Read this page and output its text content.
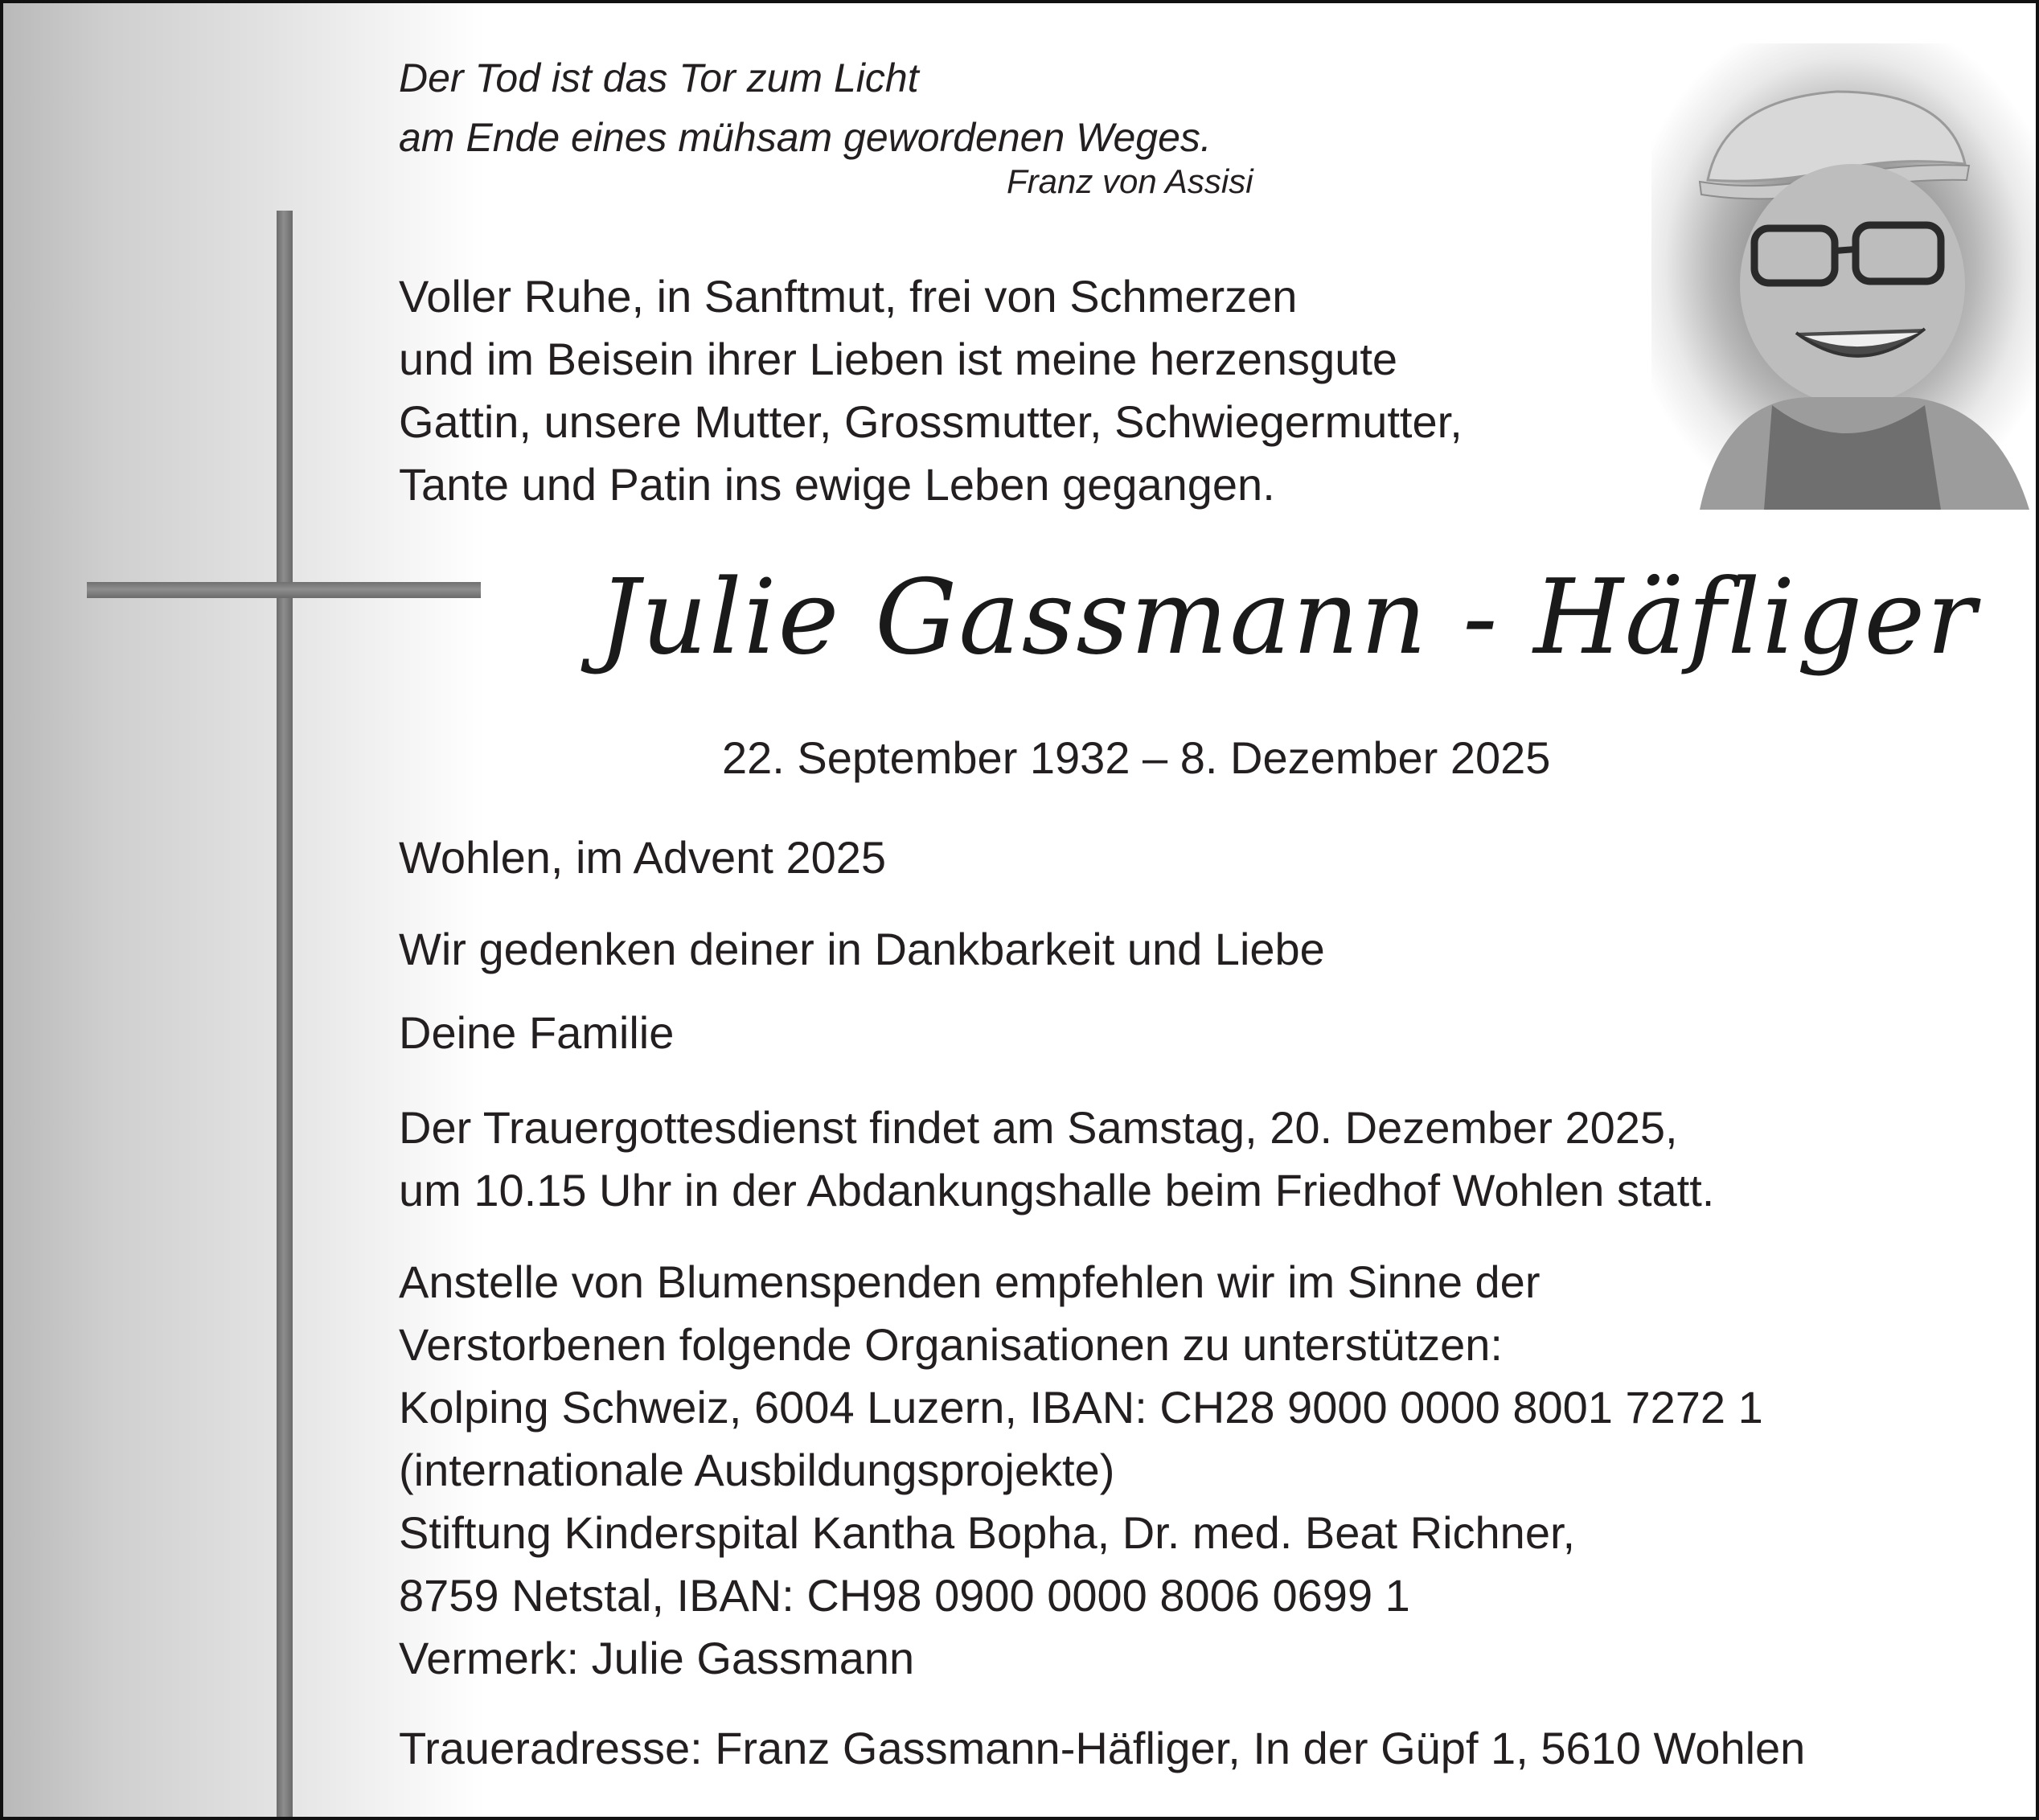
Der Tod ist das Tor zum Licht
am Ende eines mühsam gewordenen Weges.
Franz von Assisi
Voller Ruhe, in Sanftmut, frei von Schmerzen
und im Beisein ihrer Lieben ist meine herzensgute
Gattin, unsere Mutter, Grossmutter, Schwiegermutter,
Tante und Patin ins ewige Leben gegangen.
Julie Gassmann - Häfliger
22. September 1932 – 8. Dezember 2025
Wohlen, im Advent 2025
Wir gedenken deiner in Dankbarkeit und Liebe
Deine Familie
Der Trauergottesdienst findet am Samstag, 20. Dezember 2025,
um 10.15 Uhr in der Abdankungshalle beim Friedhof Wohlen statt.
Anstelle von Blumenspenden empfehlen wir im Sinne der
Verstorbenen folgende Organisationen zu unterstützen:
Kolping Schweiz, 6004 Luzern, IBAN: CH28 9000 0000 8001 7272 1
(internationale Ausbildungsprojekte)
Stiftung Kinderspital Kantha Bopha, Dr. med. Beat Richner,
8759 Netstal, IBAN: CH98 0900 0000 8006 0699 1
Vermerk: Julie Gassmann
Traueradresse: Franz Gassmann-Häfliger, In der Güpf 1, 5610 Wohlen
